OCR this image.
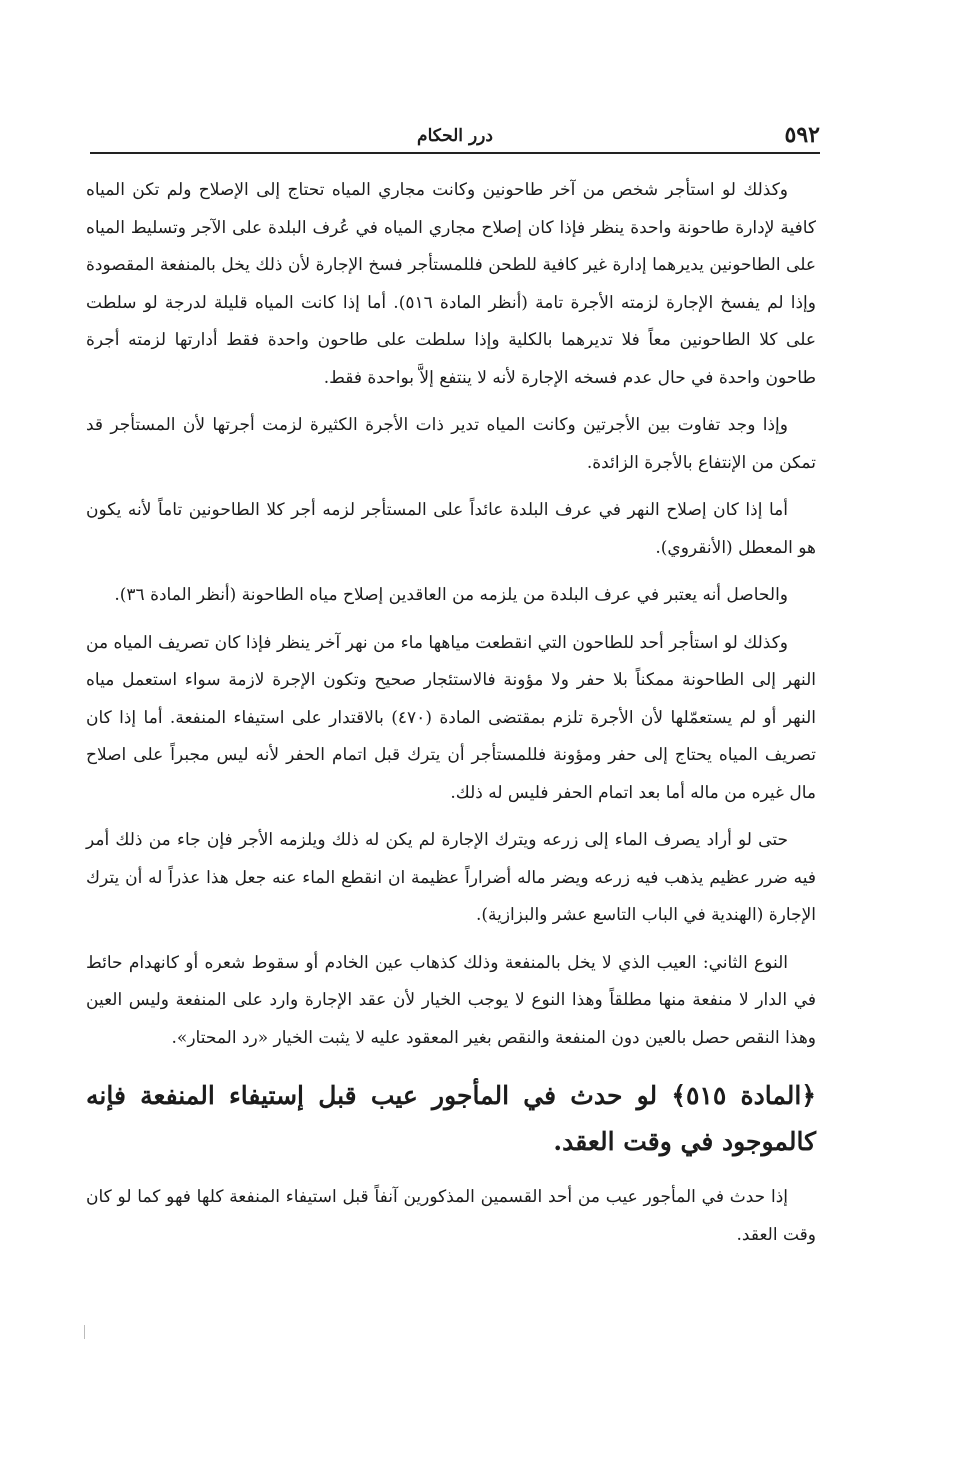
٥٩٢
درر الحكام

وكذلك لو استأجر شخص من آخر طاحونين وكانت مجاري المياه تحتاج إلى الإصلاح ولم تكن المياه كافية لإدارة طاحونة واحدة ينظر فإذا كان إصلاح مجاري المياه في عُرف البلدة على الآجر وتسليط المياه على الطاحونين يديرهما إدارة غير كافية للطحن فللمستأجر فسخ الإجارة لأن ذلك يخل بالمنفعة المقصودة وإذا لم يفسخ الإجارة لزمته الأجرة تامة (أنظر المادة ٥١٦). أما إذا كانت المياه قليلة لدرجة لو سلطت على كلا الطاحونين معاً فلا تديرهما بالكلية وإذا سلطت على طاحون واحدة فقط أدارتها لزمته أجرة طاحون واحدة في حال عدم فسخه الإجارة لأنه لا ينتفع إلاَّ بواحدة فقط.

وإذا وجد تفاوت بين الأجرتين وكانت المياه تدير ذات الأجرة الكثيرة لزمت أجرتها لأن المستأجر قد تمكن من الإنتفاع بالأجرة الزائدة.

أما إذا كان إصلاح النهر في عرف البلدة عائداً على المستأجر لزمه أجر كلا الطاحونين تاماً لأنه يكون هو المعطل (الأنقروي).

والحاصل أنه يعتبر في عرف البلدة من يلزمه من العاقدين إصلاح مياه الطاحونة (أنظر المادة ٣٦).

وكذلك لو استأجر أحد للطاحون التي انقطعت مياهها ماء من نهر آخر ينظر فإذا كان تصريف المياه من النهر إلى الطاحونة ممكناً بلا حفر ولا مؤونة فالاستئجار صحيح وتكون الإجرة لازمة سواء استعمل مياه النهر أو لم يستعمّلها لأن الأجرة تلزم بمقتضى المادة (٤٧٠) بالاقتدار على استيفاء المنفعة. أما إذا كان تصريف المياه يحتاج إلى حفر ومؤونة فللمستأجر أن يترك قبل اتمام الحفر لأنه ليس مجبراً على اصلاح مال غيره من ماله أما بعد اتمام الحفر فليس له ذلك.

حتى لو أراد يصرف الماء إلى زرعه ويترك الإجارة لم يكن له ذلك ويلزمه الأجر فإن جاء من ذلك أمر فيه ضرر عظيم يذهب فيه زرعه ويضر ماله أضراراً عظيمة ان انقطع الماء عنه جعل هذا عذراً له أن يترك الإجارة (الهندية في الباب التاسع عشر والبزازية).

النوع الثاني: العيب الذي لا يخل بالمنفعة وذلك كذهاب عين الخادم أو سقوط شعره أو كانهدام حائط في الدار لا منفعة منها مطلقاً وهذا النوع لا يوجب الخيار لأن عقد الإجارة وارد على المنفعة وليس العين وهذا النقص حصل بالعين دون المنفعة والنقص بغير المعقود عليه لا يثبت الخيار «رد المحتار».

﴿المادة ٥١٥﴾ لو حدث في المأجور عيب قبل إستيفاء المنفعة فإنه كالموجود في وقت العقد.

إذا حدث في المأجور عيب من أحد القسمين المذكورين آنفاً قبل استيفاء المنفعة كلها فهو كما لو كان وقت العقد.
